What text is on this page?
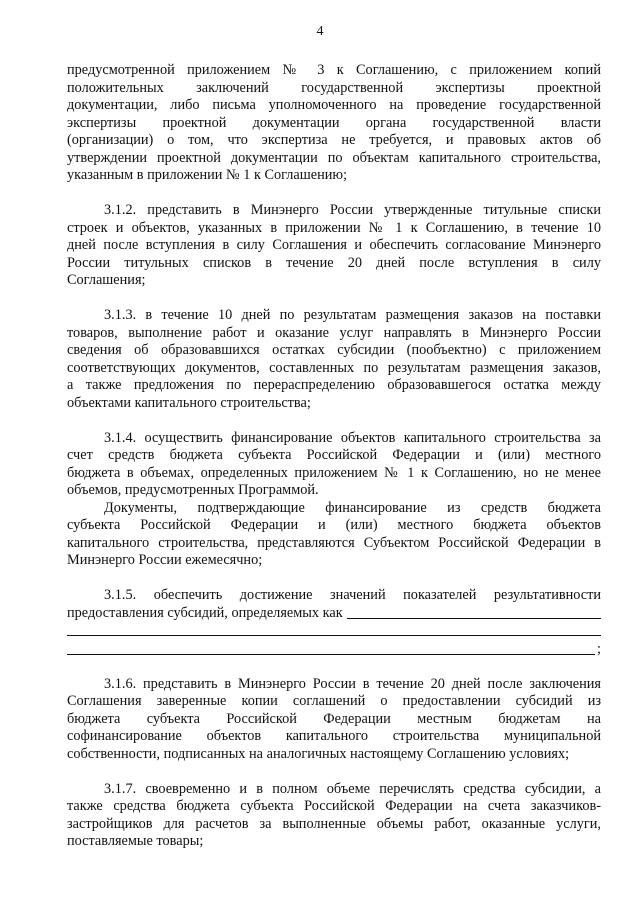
4
предусмотренной приложением № 3 к Соглашению, с приложением копий
положительных заключений государственной экспертизы проектной
документации, либо письма уполномоченного на проведение государственной
экспертизы проектной документации органа государственной власти
(организации) о том, что экспертиза не требуется, и правовых актов об
утверждении проектной документации по объектам капитального строительства,
указанным в приложении № 1 к Соглашению;
3.1.2. представить в Минэнерго России утвержденные титульные списки
строек и объектов, указанных в приложении № 1 к Соглашению, в течение 10
дней после вступления в силу Соглашения и обеспечить согласование Минэнерго
России титульных списков в течение 20 дней после вступления в силу
Соглашения;
3.1.3. в течение 10 дней по результатам размещения заказов на поставки
товаров, выполнение работ и оказание услуг направлять в Минэнерго России
сведения об образовавшихся остатках субсидии (пообъектно) с приложением
соответствующих документов, составленных по результатам размещения заказов,
а также предложения по перераспределению образовавшегося остатка между
объектами капитального строительства;
3.1.4. осуществить финансирование объектов капитального строительства за
счет средств бюджета субъекта Российской Федерации и (или) местного
бюджета в объемах, определенных приложением № 1 к Соглашению, но не менее
объемов, предусмотренных Программой.
Документы, подтверждающие финансирование из средств бюджета
субъекта Российской Федерации и (или) местного бюджета объектов
капитального строительства, представляются Субъектом Российской Федерации в
Минэнерго России ежемесячно;
3.1.5. обеспечить достижение значений показателей результативности
предоставления субсидий, определяемых как
;
3.1.6. представить в Минэнерго России в течение 20 дней после заключения
Соглашения заверенные копии соглашений о предоставлении субсидий из
бюджета субъекта Российской Федерации местным бюджетам на
софинансирование объектов капитального строительства муниципальной
собственности, подписанных на аналогичных настоящему Соглашению условиях;
3.1.7. своевременно и в полном объеме перечислять средства субсидии, а
также средства бюджета субъекта Российской Федерации на счета заказчиков-
застройщиков для расчетов за выполненные объемы работ, оказанные услуги,
поставляемые товары;
